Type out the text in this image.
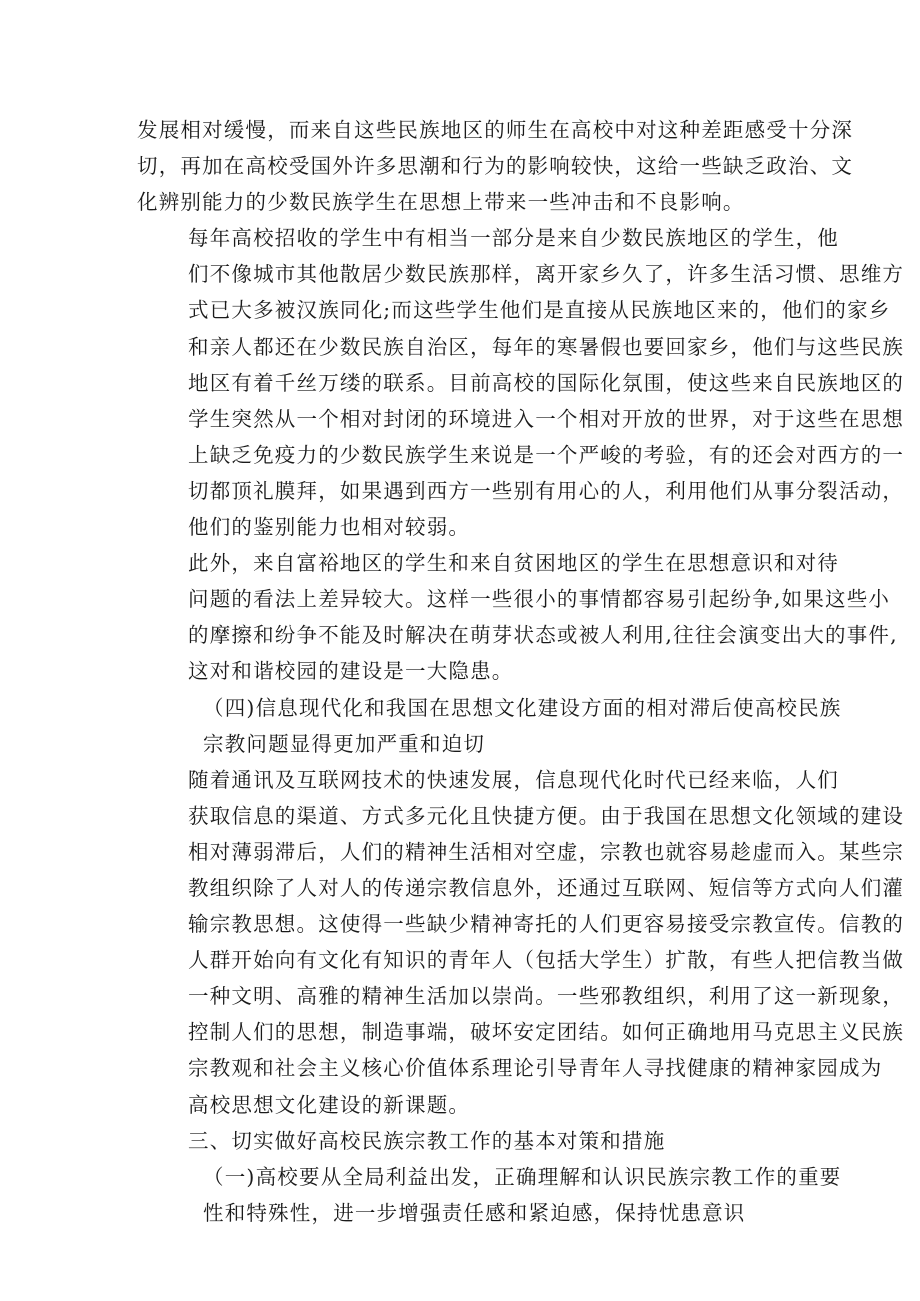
发展相对缓慢，而来自这些民族地区的师生在高校中对这种差距感受十分深
切，再加在高校受国外许多思潮和行为的影响较快，这给一些缺乏政治、文
化辨别能力的少数民族学生在思想上带来一些冲击和不良影响。

每年高校招收的学生中有相当一部分是来自少数民族地区的学生，他
们不像城市其他散居少数民族那样，离开家乡久了，许多生活习惯、思维方
式已大多被汉族同化;而这些学生他们是直接从民族地区来的，他们的家乡
和亲人都还在少数民族自治区，每年的寒暑假也要回家乡，他们与这些民族
地区有着千丝万缕的联系。目前高校的国际化氛围，使这些来自民族地区的
学生突然从一个相对封闭的环境进入一个相对开放的世界，对于这些在思想
上缺乏免疫力的少数民族学生来说是一个严峻的考验，有的还会对西方的一
切都顶礼膜拜，如果遇到西方一些别有用心的人，利用他们从事分裂活动，
他们的鉴别能力也相对较弱。

此外，来自富裕地区的学生和来自贫困地区的学生在思想意识和对待
问题的看法上差异较大。这样一些很小的事情都容易引起纷争,如果这些小
的摩擦和纷争不能及时解决在萌芽状态或被人利用,往往会演变出大的事件,
这对和谐校园的建设是一大隐患。

（四)信息现代化和我国在思想文化建设方面的相对滞后使高校民族
宗教问题显得更加严重和迫切

随着通讯及互联网技术的快速发展，信息现代化时代已经来临，人们
获取信息的渠道、方式多元化且快捷方便。由于我国在思想文化领域的建设
相对薄弱滞后，人们的精神生活相对空虚，宗教也就容易趁虚而入。某些宗
教组织除了人对人的传递宗教信息外，还通过互联网、短信等方式向人们灌
输宗教思想。这使得一些缺少精神寄托的人们更容易接受宗教宣传。信教的
人群开始向有文化有知识的青年人（包括大学生）扩散，有些人把信教当做
一种文明、高雅的精神生活加以崇尚。一些邪教组织，利用了这一新现象，
控制人们的思想，制造事端，破坏安定团结。如何正确地用马克思主义民族
宗教观和社会主义核心价值体系理论引导青年人寻找健康的精神家园成为
高校思想文化建设的新课题。

三、切实做好高校民族宗教工作的基本对策和措施

（一)高校要从全局利益出发，正确理解和认识民族宗教工作的重要
性和特殊性，进一步增强责任感和紧迫感，保持忧患意识
